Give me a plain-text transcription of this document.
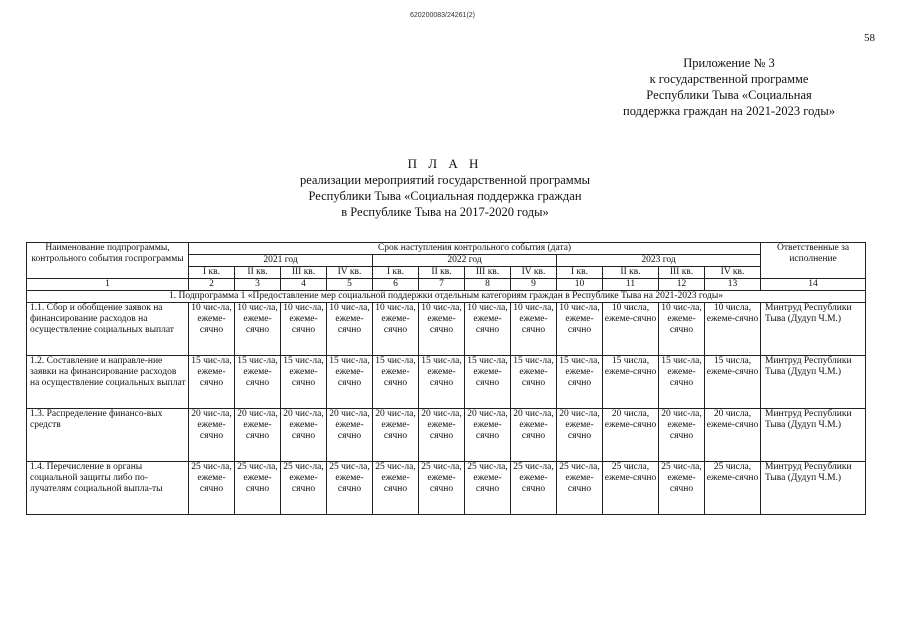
620200083/24261(2)
58
Приложение № 3
к государственной программе
Республики Тыва «Социальная
поддержка граждан на 2021-2023 годы»
П Л А Н
реализации мероприятий государственной программы
Республики Тыва «Социальная поддержка граждан
в Республике Тыва на 2017-2020 годы»
Наименование подпрограммы, контрольного события госпрограммы	Срок наступления контрольного события (дата)												Ответственные за исполнение
	2021 год				2022 год				2023 год				
	I кв.	II кв.	III кв.	IV кв.	I кв.	II кв.	III кв.	IV кв.	I кв.	II кв.	III кв.	IV кв.	
1	2	3	4	5	6	7	8	9	10	11	12	13	14
1. Подпрограмма 1 «Предоставление мер социальной поддержки отдельным категориям граждан в Республике Тыва на 2021-2023 годы»													
1.1. Сбор и обобщение заявок на финансирование расходов на осуществление социальных выплат	10 чис-ла, ежеме-сячно	10 чис-ла, ежеме-сячно	10 чис-ла, ежеме-сячно	10 чис-ла, ежеме-сячно	10 чис-ла, ежеме-сячно	10 чис-ла, ежеме-сячно	10 чис-ла, ежеме-сячно	10 чис-ла, ежеме-сячно	10 чис-ла, ежеме-сячно	10 числа, ежеме-сячно	10 чис-ла, ежеме-сячно	10 числа, ежеме-сячно	Минтруд Республики Тыва (Дудуп Ч.М.)
1.2. Составление и направле-ние заявки на финансирование расходов на осуществление социальных выплат	15 чис-ла, ежеме-сячно	15 чис-ла, ежеме-сячно	15 чис-ла, ежеме-сячно	15 чис-ла, ежеме-сячно	15 чис-ла, ежеме-сячно	15 чис-ла, ежеме-сячно	15 чис-ла, ежеме-сячно	15 чис-ла, ежеме-сячно	15 чис-ла, ежеме-сячно	15 числа, ежеме-сячно	15 чис-ла, ежеме-сячно	15 числа, ежеме-сячно	Минтруд Республики Тыва (Дудуп Ч.М.)
1.3. Распределение финансо-вых средств	20 чис-ла, ежеме-сячно	20 чис-ла, ежеме-сячно	20 чис-ла, ежеме-сячно	20 чис-ла, ежеме-сячно	20 чис-ла, ежеме-сячно	20 чис-ла, ежеме-сячно	20 чис-ла, ежеме-сячно	20 чис-ла, ежеме-сячно	20 чис-ла, ежеме-сячно	20 числа, ежеме-сячно	20 чис-ла, ежеме-сячно	20 числа, ежеме-сячно	Минтруд Республики Тыва (Дудуп Ч.М.)
1.4. Перечисление в органы социальной защиты либо по-лучателям социальной выпла-ты	25 чис-ла, ежеме-сячно	25 чис-ла, ежеме-сячно	25 чис-ла, ежеме-сячно	25 чис-ла, ежеме-сячно	25 чис-ла, ежеме-сячно	25 чис-ла, ежеме-сячно	25 чис-ла, ежеме-сячно	25 чис-ла, ежеме-сячно	25 чис-ла, ежеме-сячно	25 числа, ежеме-сячно	25 чис-ла, ежеме-сячно	25 числа, ежеме-сячно	Минтруд Республики Тыва (Дудуп Ч.М.)
